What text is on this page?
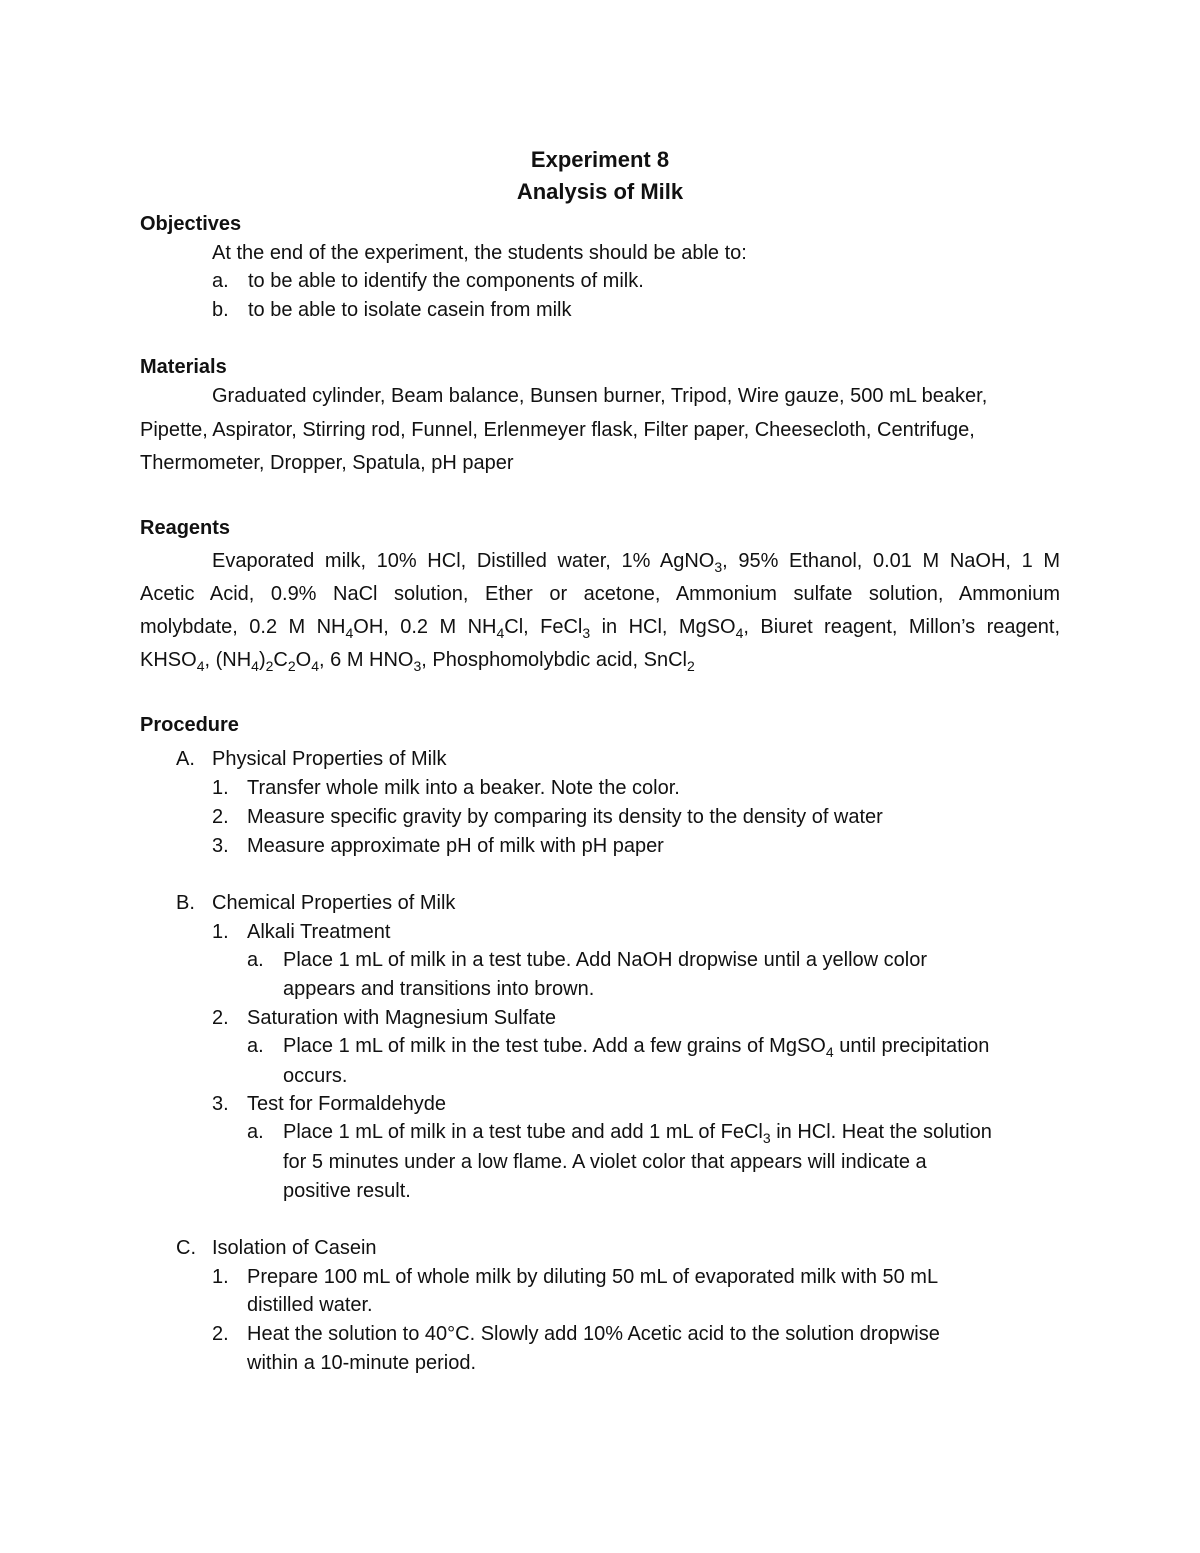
Experiment 8
Analysis of Milk
Objectives
At the end of the experiment, the students should be able to:
a. to be able to identify the components of milk.
b. to be able to isolate casein from milk
Materials
Graduated cylinder, Beam balance, Bunsen burner, Tripod, Wire gauze, 500 mL beaker,
Pipette, Aspirator, Stirring rod, Funnel, Erlenmeyer flask, Filter paper, Cheesecloth, Centrifuge,
Thermometer, Dropper, Spatula, pH paper
Reagents
Evaporated milk, 10% HCl, Distilled water, 1% AgNO$_3$, 95% Ethanol, 0.01 M NaOH, 1 M
Acetic Acid, 0.9% NaCl solution, Ether or acetone, Ammonium sulfate solution, Ammonium
molybdate, 0.2 M $NH_4OH$, 0.2 M $NH_4Cl$, FeCl$_3$ in HCl, MgSO$_4$, Biuret reagent, Millon’s reagent,
$KHSO_4$, $(NH_4)_2C_2O_4$, 6 M $HNO_3$, Phosphomolybdic acid, SnCl$_2$
Procedure
A. Physical Properties of Milk
1. Transfer whole milk into a beaker. Note the color.
2. Measure specific gravity by comparing its density to the density of water
3. Measure approximate pH of milk with pH paper
B. Chemical Properties of Milk
1. Alkali Treatment
a. Place 1 mL of milk in a test tube. Add NaOH dropwise until a yellow color
appears and transitions into brown.
2. Saturation with Magnesium Sulfate
a. Place 1 mL of milk in the test tube. Add a few grains of MgSO$_4$ until precipitation
occurs.
3. Test for Formaldehyde
a. Place 1 mL of milk in a test tube and add 1 mL of FeCl$_3$ in HCl. Heat the solution
for 5 minutes under a low flame. A violet color that appears will indicate a
positive result.
C. Isolation of Casein
1. Prepare 100 mL of whole milk by diluting 50 mL of evaporated milk with 50 mL
distilled water.
2. Heat the solution to 40°C. Slowly add 10% Acetic acid to the solution dropwise
within a 10-minute period.
